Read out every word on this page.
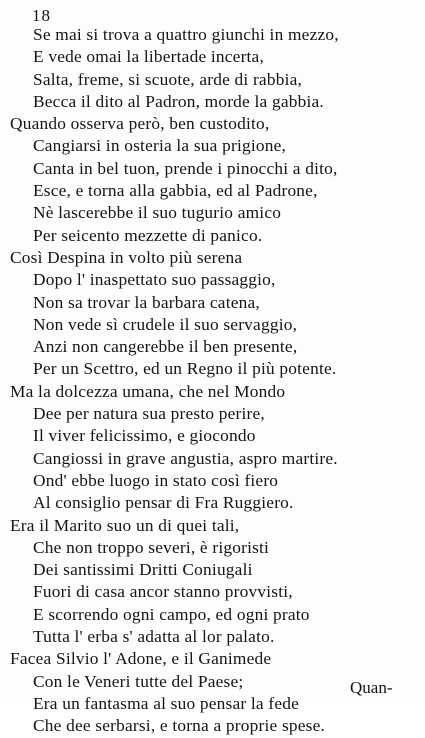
18
Se mai si trova a quattro giunchi in mezzo,
E vede omai la libertade incerta,
Salta, freme, si scuote, arde di rabbia,
Becca il dito al Padron, morde la gabbia.
Quando osserva però, ben custodito,
Cangiarsi in osteria la sua prigione,
Canta in bel tuon, prende i pinocchi a dito,
Esce, e torna alla gabbia, ed al Padrone,
Nè lascerebbe il suo tugurio amico
Per seicento mezzette di panico.
Così Despina in volto più serena
Dopo l' inaspettato suo passaggio,
Non sa trovar la barbara catena,
Non vede sì crudele il suo servaggio,
Anzi non cangerebbe il ben presente,
Per un Scettro, ed un Regno il più potente.
Ma la dolcezza umana, che nel Mondo
Dee per natura sua presto perire,
Il viver felicissimo, e giocondo
Cangiossi in grave angustia, aspro martire.
Ond' ebbe luogo in stato così fiero
Al consiglio pensar di Fra Ruggiero.
Era il Marito suo un di quei tali,
Che non troppo severi, è rigoristi
Dei santissimi Dritti Coniugali
Fuori di casa ancor stanno provvisti,
E scorrendo ogni campo, ed ogni prato
Tutta l' erba s' adatta al lor palato.
Facea Silvio l' Adone, e il Ganimede
Con le Veneri tutte del Paese;
Era un fantasma al suo pensar la fede
Che dee serbarsi, e torna a proprie spese.
Quan-
